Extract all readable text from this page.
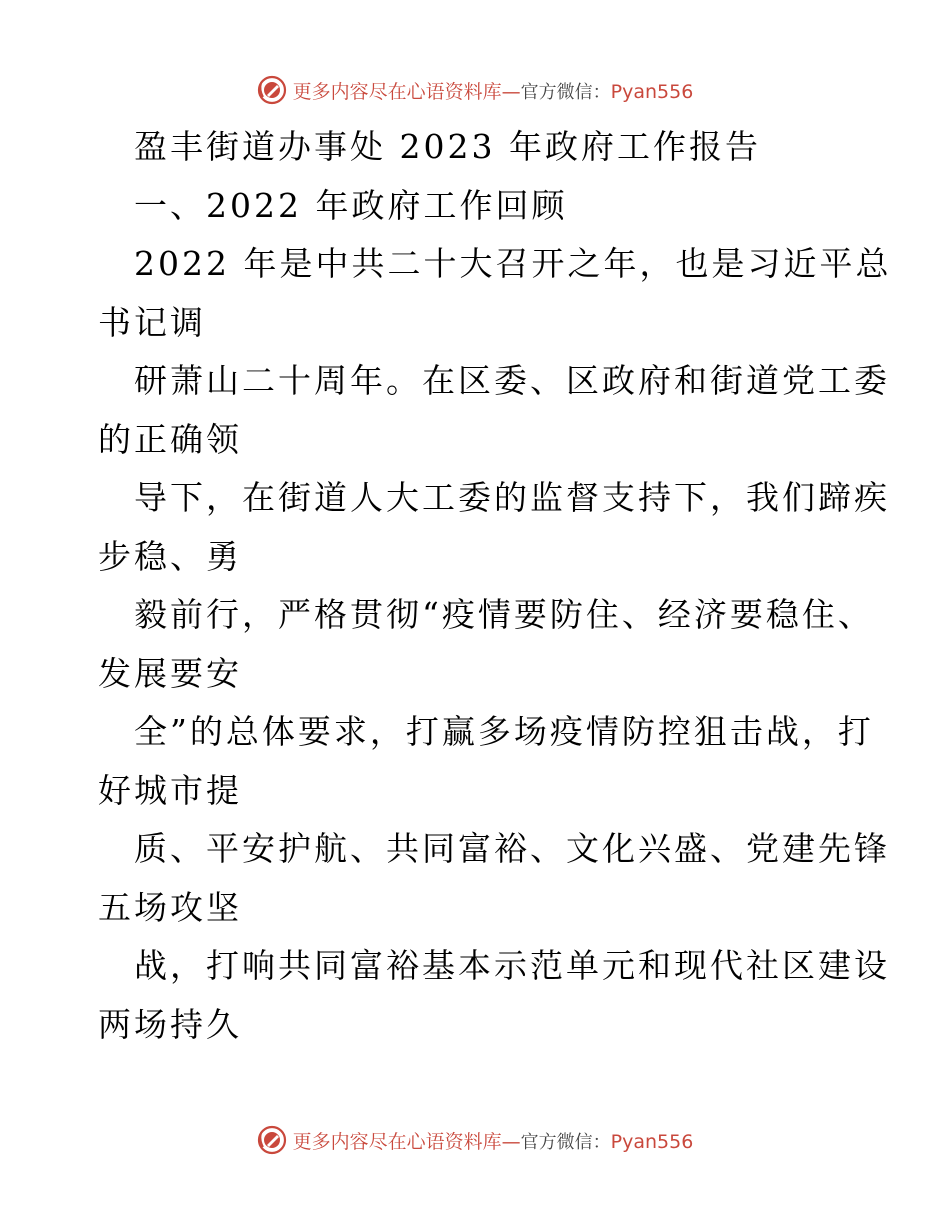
更多内容尽在心语资料库—官方微信：Pyan556
盈丰街道办事处 2023 年政府工作报告
一、2022 年政府工作回顾
2022 年是中共二十大召开之年，也是习近平总
书记调
研萧山二十周年。在区委、区政府和街道党工委
的正确领
导下，在街道人大工委的监督支持下，我们蹄疾
步稳、勇
毅前行，严格贯彻“疫情要防住、经济要稳住、
发展要安
全”的总体要求，打赢多场疫情防控狙击战，打
好城市提
质、平安护航、共同富裕、文化兴盛、党建先锋
五场攻坚
战，打响共同富裕基本示范单元和现代社区建设
两场持久
更多内容尽在心语资料库—官方微信：Pyan556
